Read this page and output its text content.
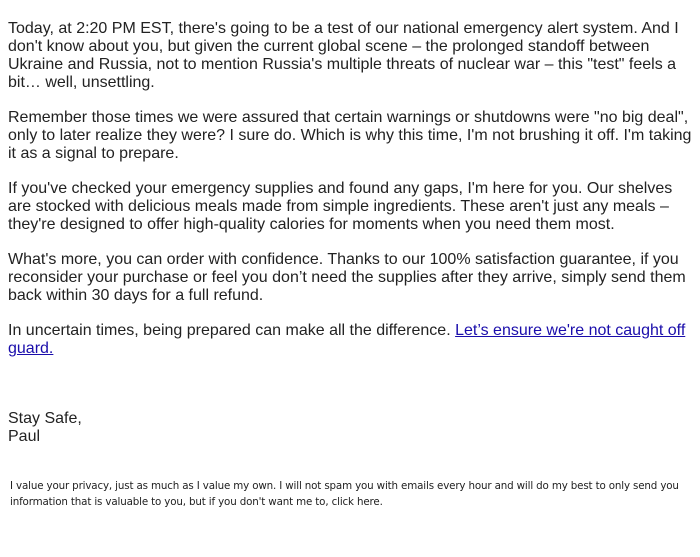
Today, at 2:20 PM EST, there's going to be a test of our national emergency alert system. And I don't know about you, but given the current global scene – the prolonged standoff between Ukraine and Russia, not to mention Russia's multiple threats of nuclear war – this "test" feels a bit… well, unsettling.

Remember those times we were assured that certain warnings or shutdowns were "no big deal", only to later realize they were? I sure do. Which is why this time, I'm not brushing it off. I'm taking it as a signal to prepare.

If you've checked your emergency supplies and found any gaps, I'm here for you. Our shelves are stocked with delicious meals made from simple ingredients. These aren't just any meals – they're designed to offer high-quality calories for moments when you need them most.

What's more, you can order with confidence. Thanks to our 100% satisfaction guarantee, if you reconsider your purchase or feel you don’t need the supplies after they arrive, simply send them back within 30 days for a full refund.

In uncertain times, being prepared can make all the difference. Let’s ensure we're not caught off guard.

Stay Safe,
Paul

I value your privacy, just as much as I value my own. I will not spam you with emails every hour and will do my best to only send you information that is valuable to you, but if you don't want me to, click here.
